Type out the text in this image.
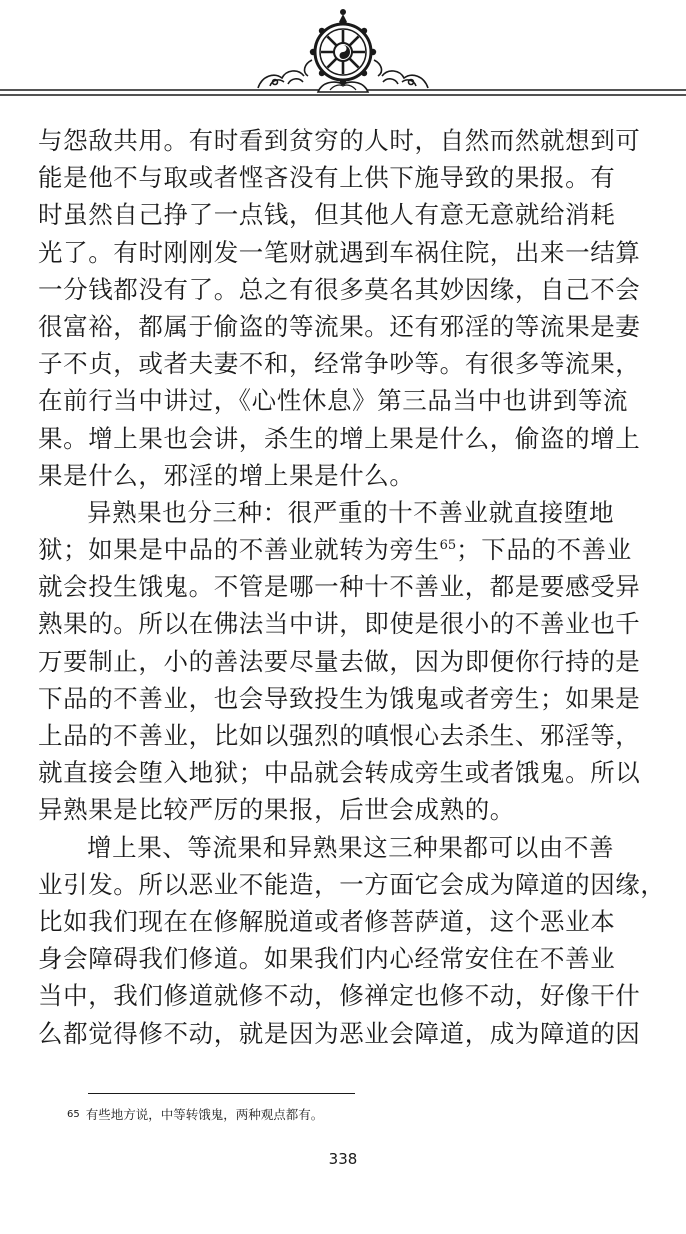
与怨敌共用。有时看到贫穷的人时，自然而然就想到可
能是他不与取或者悭吝没有上供下施导致的果报。有
时虽然自己挣了一点钱，但其他人有意无意就给消耗
光了。有时刚刚发一笔财就遇到车祸住院，出来一结算
一分钱都没有了。总之有很多莫名其妙因缘，自己不会
很富裕，都属于偷盗的等流果。还有邪淫的等流果是妻
子不贞，或者夫妻不和，经常争吵等。有很多等流果，
在前行当中讲过，《心性休息》第三品当中也讲到等流
果。增上果也会讲，杀生的增上果是什么，偷盗的增上
果是什么，邪淫的增上果是什么。
异熟果也分三种：很严重的十不善业就直接堕地
狱；如果是中品的不善业就转为旁生$^{65}$；下品的不善业
就会投生饿鬼。不管是哪一种十不善业，都是要感受异
熟果的。所以在佛法当中讲，即使是很小的不善业也千
万要制止，小的善法要尽量去做，因为即便你行持的是
下品的不善业，也会导致投生为饿鬼或者旁生；如果是
上品的不善业，比如以强烈的嗔恨心去杀生、邪淫等，
就直接会堕入地狱；中品就会转成旁生或者饿鬼。所以
异熟果是比较严厉的果报，后世会成熟的。
增上果、等流果和异熟果这三种果都可以由不善
业引发。所以恶业不能造，一方面它会成为障道的因缘，
比如我们现在在修解脱道或者修菩萨道，这个恶业本
身会障碍我们修道。如果我们内心经常安住在不善业
当中，我们修道就修不动，修禅定也修不动，好像干什
么都觉得修不动，就是因为恶业会障道，成为障道的因
$^{65}$ 有些地方说，中等转饿鬼，两种观点都有。
338
